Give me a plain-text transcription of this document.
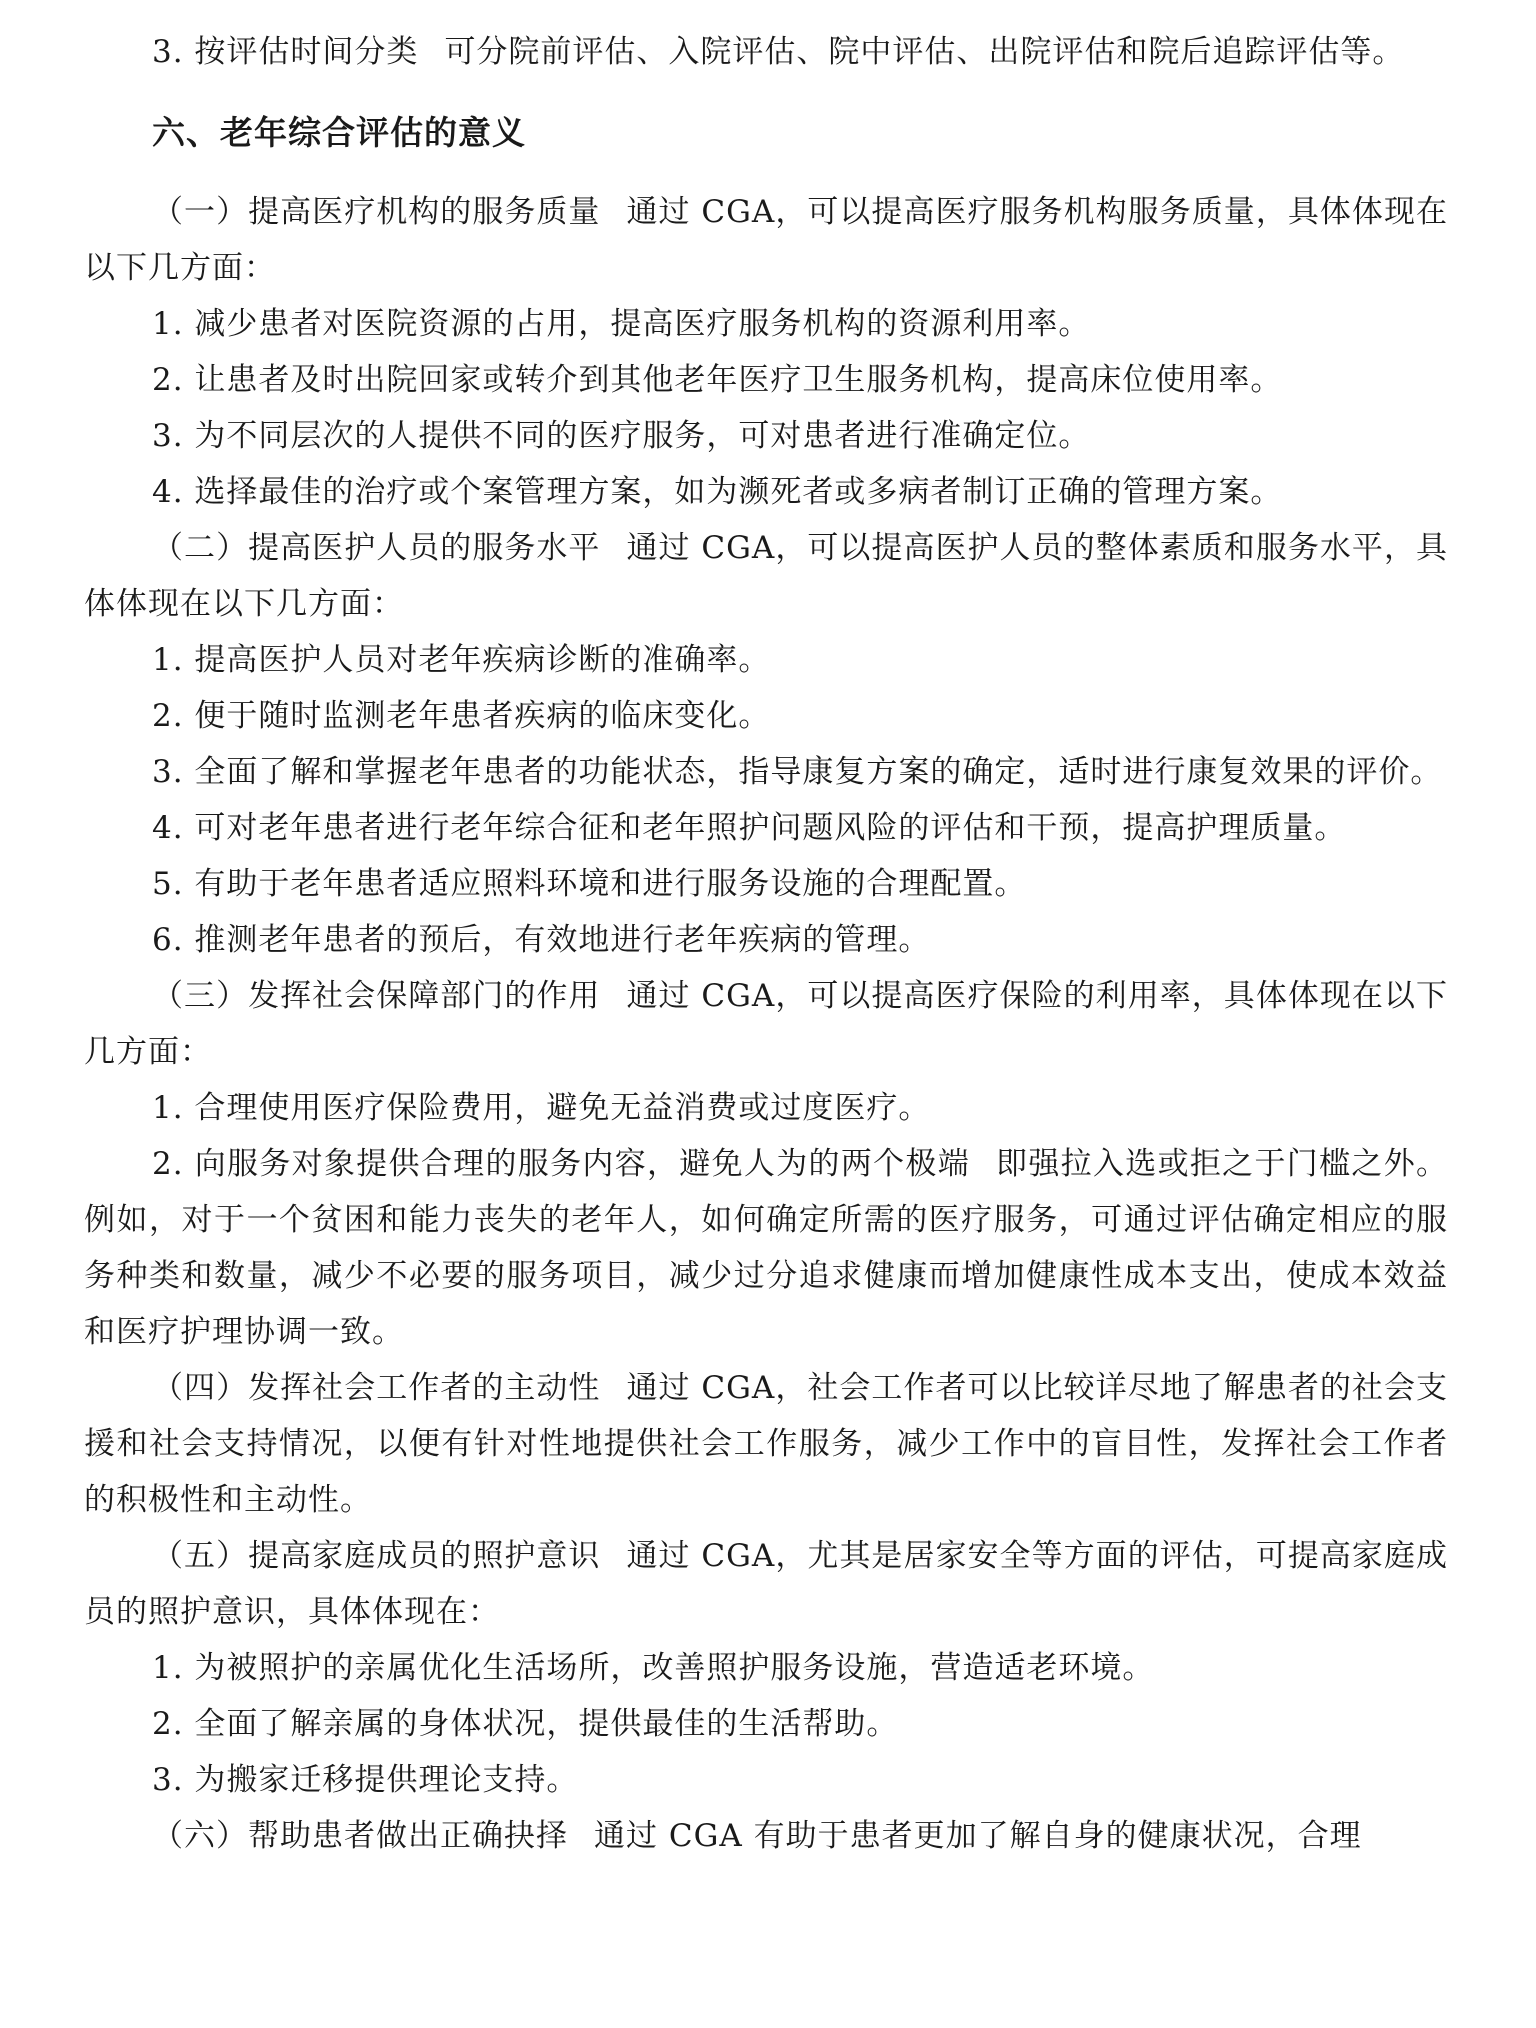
3. 按评估时间分类 可分院前评估、入院评估、院中评估、出院评估和院后追踪评估等。

六、老年综合评估的意义

（一）提高医疗机构的服务质量 通过 CGA，可以提高医疗服务机构服务质量，具体体现在以下几方面：

1. 减少患者对医院资源的占用，提高医疗服务机构的资源利用率。

2. 让患者及时出院回家或转介到其他老年医疗卫生服务机构，提高床位使用率。

3. 为不同层次的人提供不同的医疗服务，可对患者进行准确定位。

4. 选择最佳的治疗或个案管理方案，如为濒死者或多病者制订正确的管理方案。

（二）提高医护人员的服务水平 通过 CGA，可以提高医护人员的整体素质和服务水平，具体体现在以下几方面：

1. 提高医护人员对老年疾病诊断的准确率。

2. 便于随时监测老年患者疾病的临床变化。

3. 全面了解和掌握老年患者的功能状态，指导康复方案的确定，适时进行康复效果的评价。

4. 可对老年患者进行老年综合征和老年照护问题风险的评估和干预，提高护理质量。

5. 有助于老年患者适应照料环境和进行服务设施的合理配置。

6. 推测老年患者的预后，有效地进行老年疾病的管理。

（三）发挥社会保障部门的作用 通过 CGA，可以提高医疗保险的利用率，具体体现在以下几方面：

1. 合理使用医疗保险费用，避免无益消费或过度医疗。

2. 向服务对象提供合理的服务内容，避免人为的两个极端 即强拉入选或拒之于门槛之外。例如，对于一个贫困和能力丧失的老年人，如何确定所需的医疗服务，可通过评估确定相应的服务种类和数量，减少不必要的服务项目，减少过分追求健康而增加健康性成本支出，使成本效益和医疗护理协调一致。

（四）发挥社会工作者的主动性 通过 CGA，社会工作者可以比较详尽地了解患者的社会支援和社会支持情况，以便有针对性地提供社会工作服务，减少工作中的盲目性，发挥社会工作者的积极性和主动性。

（五）提高家庭成员的照护意识 通过 CGA，尤其是居家安全等方面的评估，可提高家庭成员的照护意识，具体体现在：

1. 为被照护的亲属优化生活场所，改善照护服务设施，营造适老环境。

2. 全面了解亲属的身体状况，提供最佳的生活帮助。

3. 为搬家迁移提供理论支持。

（六）帮助患者做出正确抉择 通过 CGA 有助于患者更加了解自身的健康状况，合理
